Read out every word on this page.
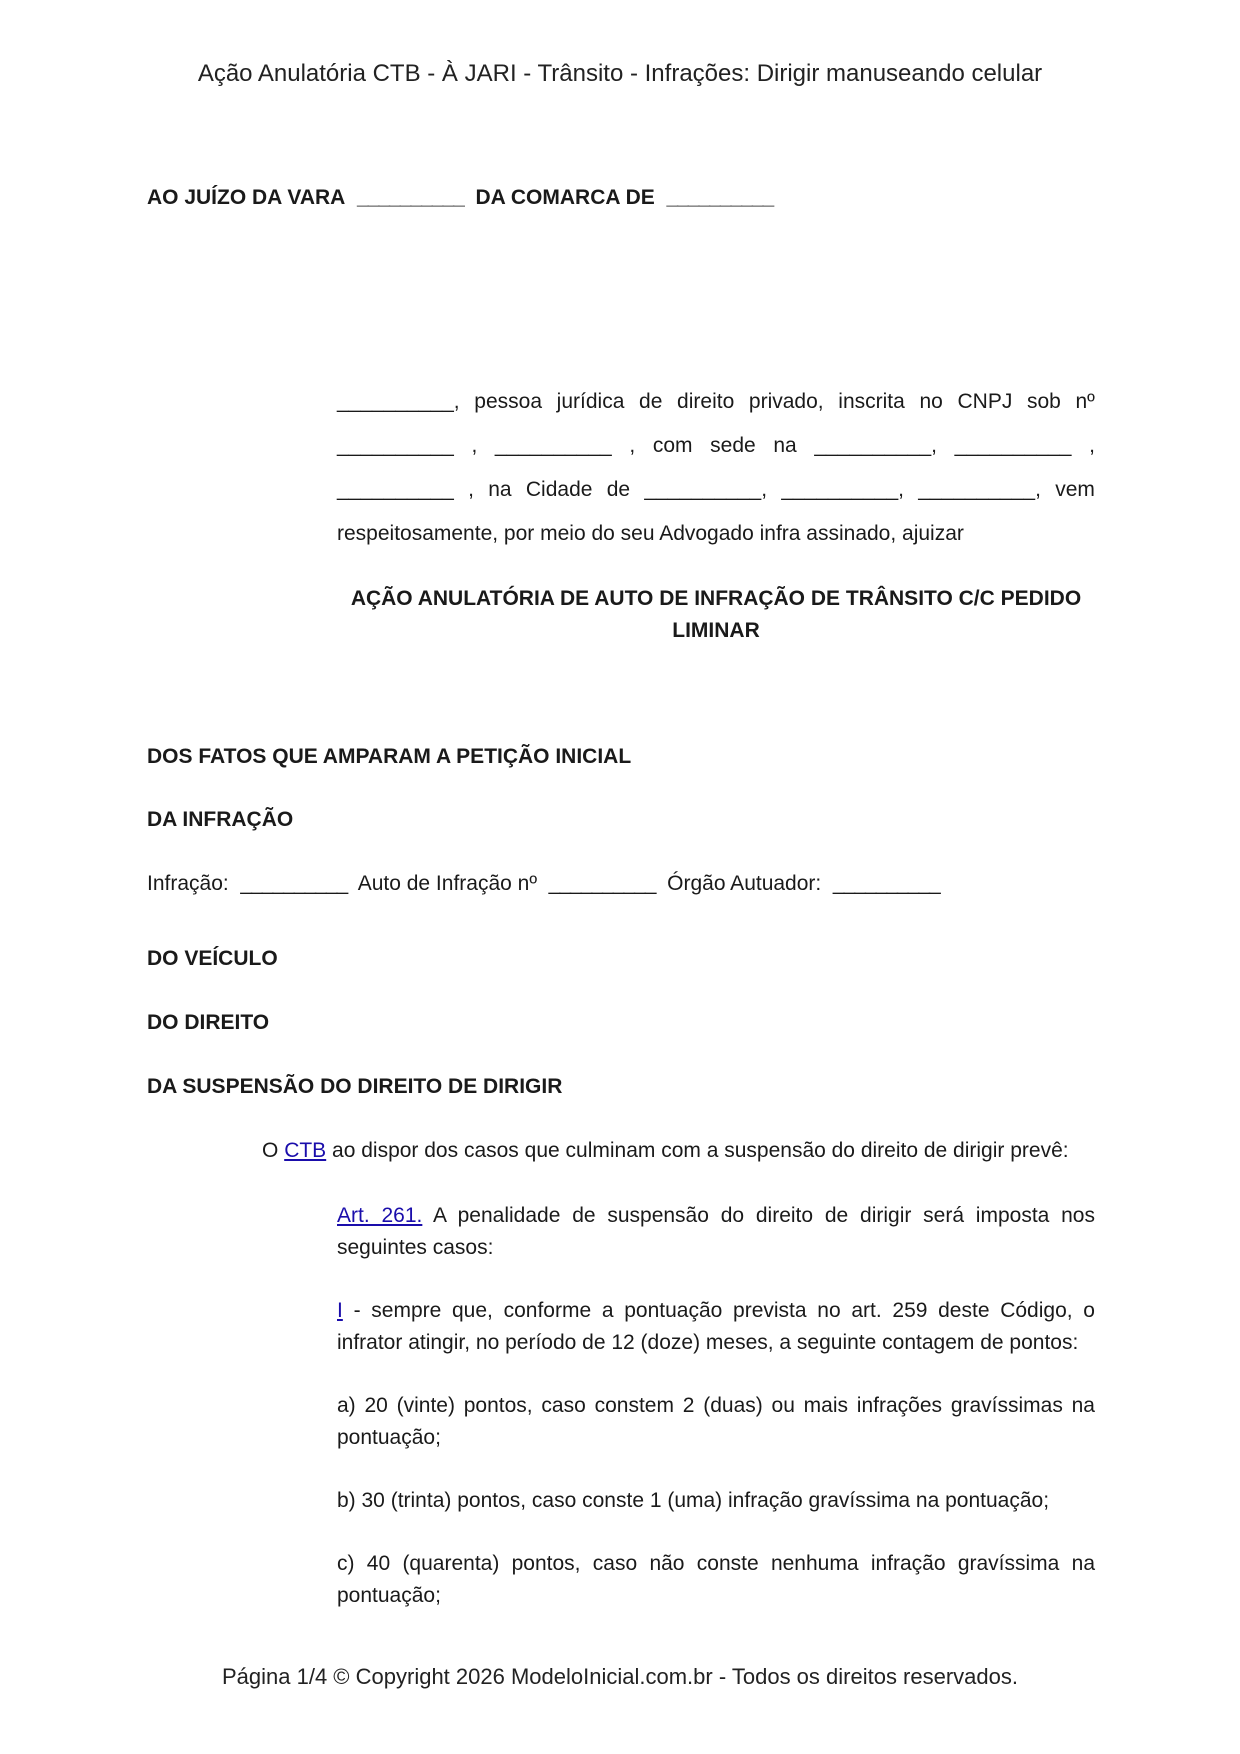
Ação Anulatória CTB - À JARI - Trânsito - Infrações: Dirigir manuseando celular
AO JUÍZO DA VARA __________ DA COMARCA DE __________
__________, pessoa jurídica de direito privado, inscrita no CNPJ sob nº
__________ , __________ , com sede na __________, __________ ,
__________ , na Cidade de __________, __________, __________, vem
respeitosamente, por meio do seu Advogado infra assinado, ajuizar
AÇÃO ANULATÓRIA DE AUTO DE INFRAÇÃO DE TRÂNSITO C/C PEDIDO
LIMINAR
DOS FATOS QUE AMPARAM A PETIÇÃO INICIAL
DA INFRAÇÃO
Infração: __________ Auto de Infração nº __________ Órgão Autuador: __________
DO VEÍCULO
DO DIREITO
DA SUSPENSÃO DO DIREITO DE DIRIGIR
O CTB ao dispor dos casos que culminam com a suspensão do direito de dirigir prevê:
Art. 261. A penalidade de suspensão do direito de dirigir será imposta nos seguintes casos:
I - sempre que, conforme a pontuação prevista no art. 259 deste Código, o infrator atingir, no período de 12 (doze) meses, a seguinte contagem de pontos:
a) 20 (vinte) pontos, caso constem 2 (duas) ou mais infrações gravíssimas na pontuação;
b) 30 (trinta) pontos, caso conste 1 (uma) infração gravíssima na pontuação;
c) 40 (quarenta) pontos, caso não conste nenhuma infração gravíssima na pontuação;
Página 1/4 © Copyright 2026 ModeloInicial.com.br - Todos os direitos reservados.
